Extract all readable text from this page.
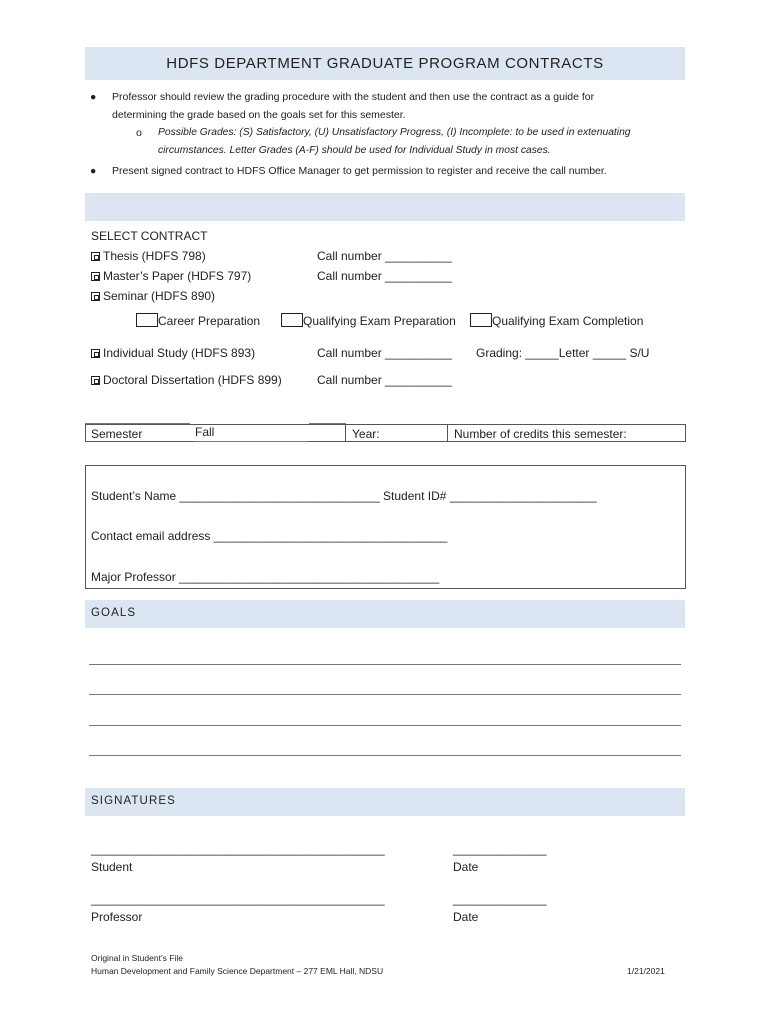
HDFS DEPARTMENT GRADUATE PROGRAM CONTRACTS
● Professor should review the grading procedure with the student and then use the contract as a guide for
determining the grade based on the goals set for this semester.
o Possible Grades: (S) Satisfactory, (U) Unsatisfactory Progress, (I) Incomplete: to be used in extenuating
circumstances. Letter Grades (A-F) should be used for Individual Study in most cases.
● Present signed contract to HDFS Office Manager to get permission to register and receive the call number.
SELECT CONTRACT
Thesis (HDFS 798)	Call number __________
Master’s Paper (HDFS 797)	Call number __________
Seminar (HDFS 890)
Career Preparation	Qualifying Exam Preparation	Qualifying Exam Completion
Individual Study (HDFS 893)	Call number __________ Grading: _____Letter _____ S/U
Doctoral Dissertation (HDFS 899)	Call number __________
Semester	Fall	Year:	Number of credits this semester:
Student’s Name ______________________________ Student ID# ______________________
Contact email address ___________________________________
Major Professor _______________________________________
GOALS
SIGNATURES
____________________________________________	______________
Student	Date
____________________________________________	______________
Professor	Date
Original in Student’s File
Human Development and Family Science Department – 277 EML Hall, NDSU	1/21/2021
